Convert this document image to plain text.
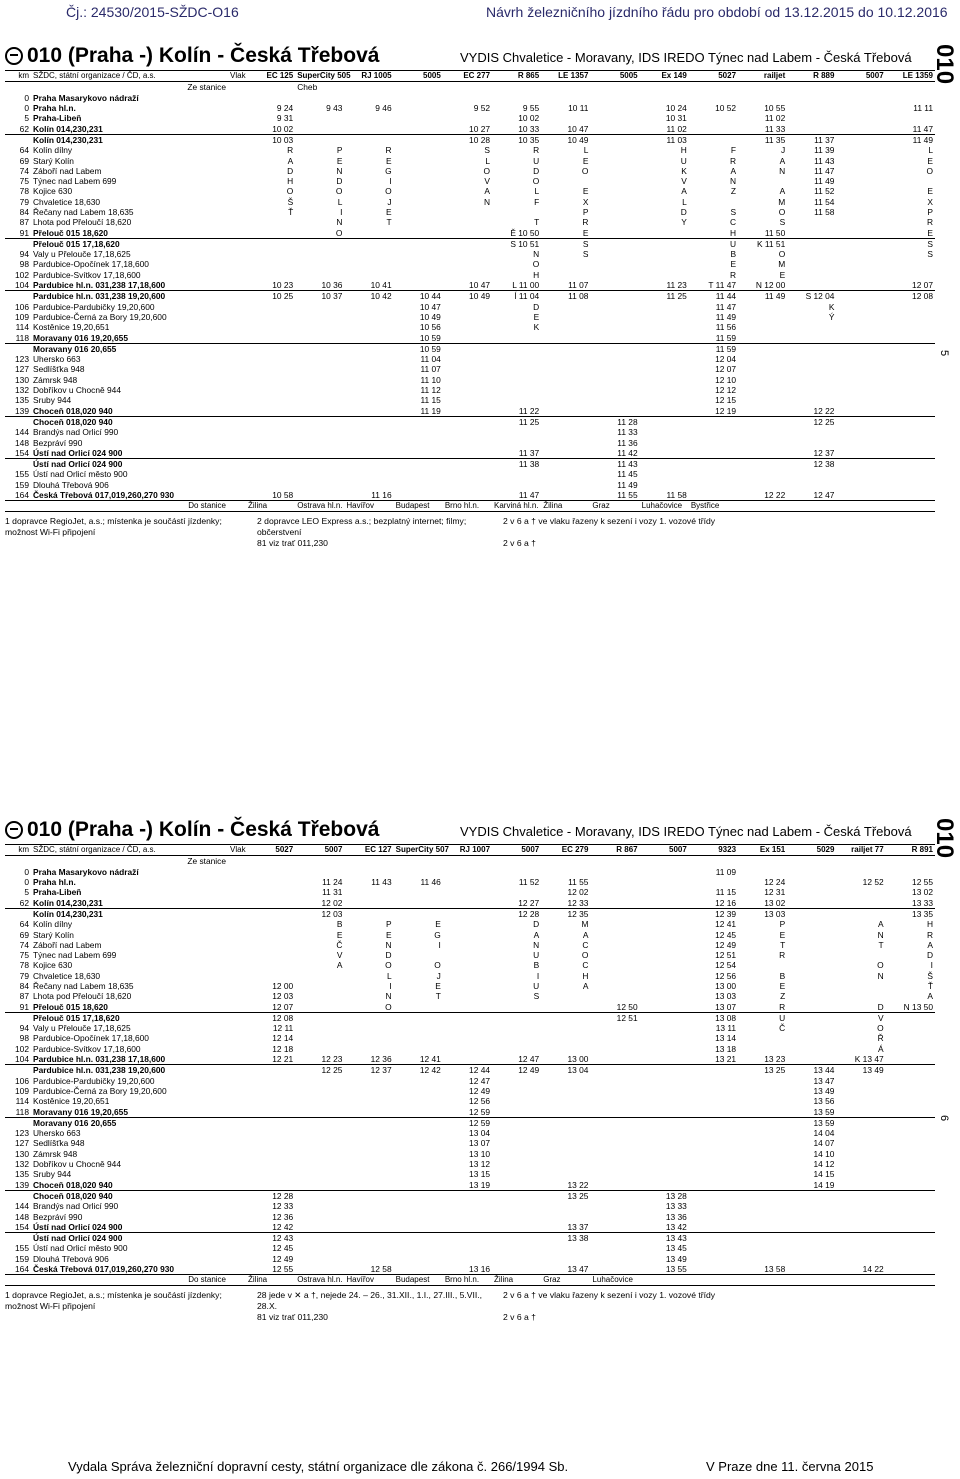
Čj.: 24530/2015-SŽDC-O16	Návrh železničního jízdního řádu pro období od 13.12.2015 do 10.12.2016
010 (Praha -) Kolín - Česká Třebová	VYDIS Chvaletice - Moravany, IDS IREDO Týnec nad Labem - Česká Třebová
km	SŽDC, státní organizace / ČD, a.s.	Vlak	EC 125	SuperCity 505	RJ 1005	5005	EC 277	R 865	LE 1357	5005	Ex 149	5027	railjet	R 889	5007	LE 1359
	Ze stanice			Cheb												
0	Praha Masarykovo nádraží															
0	Praha hl.n.		9 24	9 43	9 46		9 52	9 55	10 11		10 24	10 52	10 55			11 11
5	Praha-Libeň		9 31					10 02			10 31		11 02			
62	Kolín 014,230,231		10 02				10 27	10 33	10 47		11 02		11 33			11 47
	Kolín 014,230,231		10 03				10 28	10 35	10 49		11 03		11 35	11 37		11 49
64	Kolín dílny		R	P	R		S	R	L		H	F	J	11 39		L
69	Starý Kolín		A	E	E		L	U	E		U	R	A	11 43		E
74	Záboří nad Labem		D	N	G		O	D	O		K	A	N	11 47		O
75	Týnec nad Labem 699		H	D	I		V	O			V	N		11 49		
78	Kojice 630		O	O	O		A	L	E		A	Z	A	11 52		E
79	Chvaletice 18,630		Š	L	J		N	F	X		L		M	11 54		X
84	Řečany nad Labem 18,635		Ť	I	E				P		D	S	O	11 58		P
87	Lhota pod Přeloučí 18,620			N	T			T	R		Y	C	S			R
91	Přelouč 015 18,620			O				Ě 10 50	E			H	11 50			E
	Přelouč 015 17,18,620							S 10 51	S			U	K 11 51			S
94	Valy u Přelouče 17,18,625							N	S			B	O			S
98	Pardubice-Opočínek 17,18,600							O				E	M			
102	Pardubice-Svítkov 17,18,600							H				R	E			
104	Pardubice hl.n. 031,238 17,18,600		10 23	10 36	10 41		10 47	L 11 00	11 07		11 23	T 11 47	N 12 00			12 07
	Pardubice hl.n. 031,238 19,20,600		10 25	10 37	10 42	10 44	10 49	Í 11 04	11 08		11 25	11 44	11 49	S 12 04		12 08
106	Pardubice-Pardubičky 19,20,600					10 47		D				11 47		K		
109	Pardubice-Černá za Bory 19,20,600					10 49		E				11 49		Ý		
114	Kostěnice 19,20,651					10 56		K				11 56				
118	Moravany 016 19,20,655					10 59						11 59				
	Moravany 016 20,655					10 59						11 59				
123	Uhersko 663					11 04						12 04				
127	Sedlíšťka 948					11 07						12 07				
130	Zámrsk 948					11 10						12 10				
132	Dobříkov u Chocně 944					11 12						12 12				
135	Sruby 944					11 15						12 15				
139	Choceň 018,020 940					11 19		11 22				12 19		12 22		
	Choceň 018,020 940							11 25		11 28				12 25		
144	Brandýs nad Orlicí 990									11 33						
148	Bezpráví 990									11 36						
154	Ústí nad Orlicí 024 900							11 37		11 42				12 37		
	Ústí nad Orlicí 024 900							11 38		11 43				12 38		
155	Ústí nad Orlicí město 900									11 45						
159	Dlouhá Třebová 906									11 49						
164	Česká Třebová 017,019,260,270 930		10 58		11 16			11 47		11 55	11 58		12 22	12 47		
	Do stanice		Žilina	Ostrava hl.n.	Havířov	Budapest	Brno hl.n.	Karviná hl.n.	Žilina	Graz	Luhačovice	Bystřice				
1 dopravce RegioJet, a.s.; místenka je součástí jízdenky; možnost Wi-Fi připojení
2 dopravce LEO Express a.s.; bezplatný internet; filmy; občerstvení
81 viz trať 011,230
2 v 6 a † ve vlaku řazeny k sezení i vozy 1. vozové třídy
2 v 6 a †
010
5
010 (Praha -) Kolín - Česká Třebová	VYDIS Chvaletice - Moravany, IDS IREDO Týnec nad Labem - Česká Třebová
km	SŽDC, státní organizace / ČD, a.s.	Vlak	5027	5007	EC 127	SuperCity 507	RJ 1007	5007	EC 279	R 867	5007	9323	Ex 151	5029	railjet 77	R 891
	Ze stanice															
0	Praha Masarykovo nádraží											11 09				
0	Praha hl.n.			11 24	11 43	11 46		11 52	11 55				12 24		12 52	12 55
5	Praha-Libeň			11 31					12 02			11 15	12 31			13 02
62	Kolín 014,230,231			12 02				12 27	12 33			12 16	13 02			13 33
	Kolín 014,230,231			12 03				12 28	12 35			12 39	13 03			13 35
64	Kolín dílny			B	P	E		D	M			12 41	P		A	H
69	Starý Kolín			E	E	G		A	A			12 45	E		N	R
74	Záboří nad Labem			Č	N	I		N	C			12 49	T		T	A
75	Týnec nad Labem 699			V	D			U	O			12 51	R			D
78	Kojice 630			A	O	O		B	C			12 54			O	I
79	Chvaletice 18,630				L	J		I	H			12 56	B		N	Š
84	Řečany nad Labem 18,635		12 00		I	E		U	A			13 00	E			Ť
87	Lhota pod Přeloučí 18,620		12 03		N	T		S				13 03	Z			A
91	Přelouč 015 18,620		12 07		O					12 50		13 07	R		D	N 13 50
	Přelouč 015 17,18,620		12 08							12 51		13 08	U		V	
94	Valy u Přelouče 17,18,625		12 11									13 11	Č		O	
98	Pardubice-Opočínek 17,18,600		12 14									13 14			Ř	
102	Pardubice-Svítkov 17,18,600		12 18									13 18			Á	
104	Pardubice hl.n. 031,238 17,18,600		12 21	12 23	12 36	12 41		12 47	13 00			13 21	13 23		K 13 47	
	Pardubice hl.n. 031,238 19,20,600			12 25	12 37	12 42	12 44	12 49	13 04				13 25	13 44	13 49	
106	Pardubice-Pardubičky 19,20,600						12 47							13 47		
109	Pardubice-Černá za Bory 19,20,600						12 49							13 49		
114	Kostěnice 19,20,651						12 56							13 56		
118	Moravany 016 19,20,655						12 59							13 59		
	Moravany 016 20,655						12 59							13 59		
123	Uhersko 663						13 04							14 04		
127	Sedlíšťka 948						13 07							14 07		
130	Zámrsk 948						13 10							14 10		
132	Dobříkov u Chocně 944						13 12							14 12		
135	Sruby 944						13 15							14 15		
139	Choceň 018,020 940						13 19		13 22					14 19		
	Choceň 018,020 940		12 28						13 25		13 28					
144	Brandýs nad Orlicí 990		12 33								13 33					
148	Bezpráví 990		12 36								13 36					
154	Ústí nad Orlicí 024 900		12 42						13 37		13 42					
	Ústí nad Orlicí 024 900		12 43						13 38		13 43					
155	Ústí nad Orlicí město 900		12 45								13 45					
159	Dlouhá Třebová 906		12 49								13 49					
164	Česká Třebová 017,019,260,270 930		12 55		12 58		13 16		13 47		13 55		13 58		14 22	
	Do stanice		Žilina	Ostrava hl.n.	Havířov	Budapest	Brno hl.n.	Žilina	Graz	Luhačovice						
1 dopravce RegioJet, a.s.; místenka je součástí jízdenky; možnost Wi-Fi připojení
28 jede v ✕ a †, nejede 24. – 26., 31.XII., 1.I., 27.III., 5.VII., 28.X.
81 viz trať 011,230
2 v 6 a † ve vlaku řazeny k sezení i vozy 1. vozové třídy
2 v 6 a †
010
6
Vydala Správa železniční dopravní cesty, státní organizace dle zákona č. 266/1994 Sb.	V Praze dne 11. června 2015
